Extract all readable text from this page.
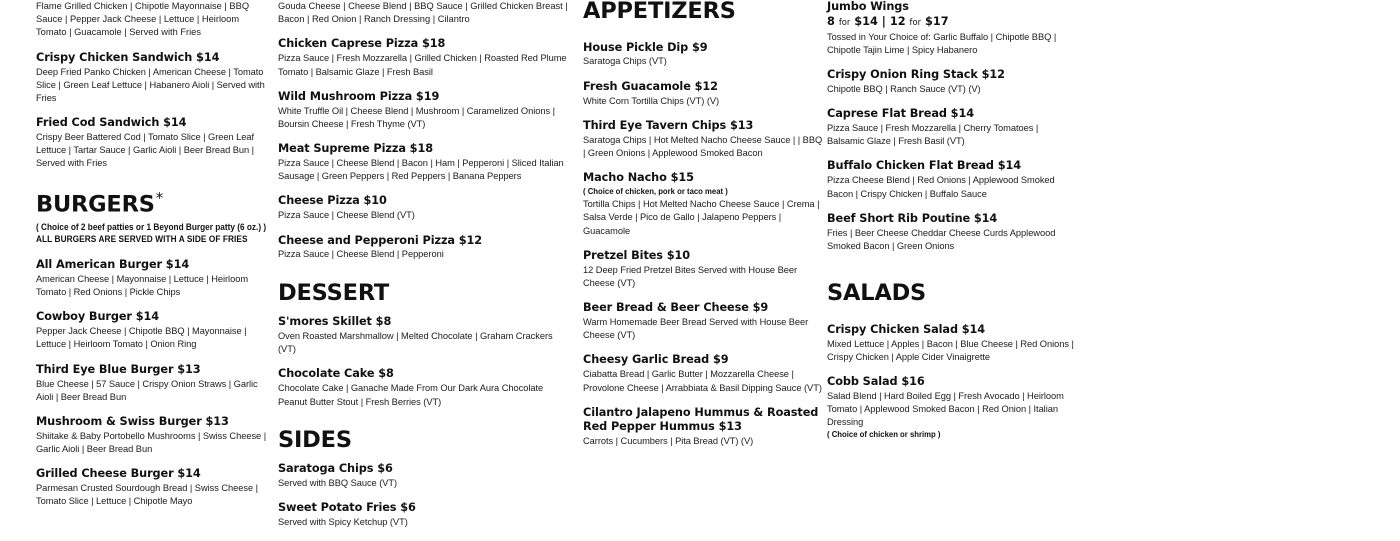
Flame Grilled Chicken | Chipotle Mayonnaise | BBQ Sauce | Pepper Jack Cheese | Lettuce | Heirloom Tomato | Guacamole | Served with Fries

Crispy Chicken Sandwich $14

Deep Fried Panko Chicken | American Cheese | Tomato Slice | Green Leaf Lettuce | Habanero Aioli | Served with Fries

Fried Cod Sandwich $14

Crispy Beer Battered Cod | Tomato Slice | Green Leaf Lettuce | Tartar Sauce | Garlic Aioli | Beer Bread Bun | Served with Fries

BURGERS*

( Choice of 2 beef patties or 1 Beyond Burger patty (6 oz.) )

ALL BURGERS ARE SERVED WITH A SIDE OF FRIES

All American Burger $14

American Cheese | Mayonnaise | Lettuce | Heirloom Tomato | Red Onions | Pickle Chips

Cowboy Burger $14

Pepper Jack Cheese | Chipotle BBQ | Mayonnaise | Lettuce | Heirloom Tomato | Onion Ring

Third Eye Blue Burger $13

Blue Cheese | 57 Sauce | Crispy Onion Straws | Garlic Aioli | Beer Bread Bun

Mushroom & Swiss Burger $13

Shiitake & Baby Portobello Mushrooms | Swiss Cheese | Garlic Aioli | Beer Bread Bun

Grilled Cheese Burger $14

Parmesan Crusted Sourdough Bread | Swiss Cheese | Tomato Slice | Lettuce | Chipotle Mayo

Gouda Cheese | Cheese Blend | BBQ Sauce | Grilled Chicken Breast | Bacon | Red Onion | Ranch Dressing | Cilantro

Chicken Caprese Pizza $18

Pizza Sauce | Fresh Mozzarella | Grilled Chicken | Roasted Red Plume Tomato | Balsamic Glaze | Fresh Basil

Wild Mushroom Pizza $19

White Truffle Oil | Cheese Blend | Mushroom | Caramelized Onions | Boursin Cheese | Fresh Thyme (VT)

Meat Supreme Pizza $18

Pizza Sauce | Cheese Blend | Bacon | Ham | Pepperoni | Sliced Italian Sausage | Green Peppers | Red Peppers | Banana Peppers

Cheese Pizza $10

Pizza Sauce | Cheese Blend (VT)

Cheese and Pepperoni Pizza $12

Pizza Sauce | Cheese Blend | Pepperoni

DESSERT

S'mores Skillet $8

Oven Roasted Marshmallow | Melted Chocolate | Graham Crackers (VT)

Chocolate Cake $8

Chocolate Cake | Ganache Made From Our Dark Aura Chocolate Peanut Butter Stout | Fresh Berries (VT)

SIDES

Saratoga Chips $6

Served with BBQ Sauce (VT)

Sweet Potato Fries $6

Served with Spicy Ketchup (VT)

APPETIZERS

House Pickle Dip $9

Saratoga Chips (VT)

Fresh Guacamole $12

White Corn Tortilla Chips (VT) (V)

Third Eye Tavern Chips $13

Saratoga Chips | Hot Melted Nacho Cheese Sauce | | BBQ | Green Onions | Applewood Smoked Bacon

Macho Nacho $15

( Choice of chicken, pork or taco meat )

Tortilla Chips | Hot Melted Nacho Cheese Sauce | Crema | Salsa Verde | Pico de Gallo | Jalapeno Peppers | Guacamole

Pretzel Bites $10

12 Deep Fried Pretzel Bites Served with House Beer Cheese (VT)

Beer Bread & Beer Cheese $9

Warm Homemade Beer Bread Served with House Beer Cheese (VT)

Cheesy Garlic Bread $9

Ciabatta Bread | Garlic Butter | Mozzarella Cheese | Provolone Cheese | Arrabbiata & Basil Dipping Sauce (VT)

Cilantro Jalapeno Hummus & Roasted Red Pepper Hummus $13

Carrots | Cucumbers | Pita Bread (VT) (V)

Jumbo Wings

8 for $14 | 12 for $17

Tossed in Your Choice of: Garlic Buffalo | Chipotle BBQ | Chipotle Tajin Lime | Spicy Habanero

Crispy Onion Ring Stack $12

Chipotle BBQ | Ranch Sauce (VT) (V)

Caprese Flat Bread $14

Pizza Sauce | Fresh Mozzarella | Cherry Tomatoes | Balsamic Glaze | Fresh Basil (VT)

Buffalo Chicken Flat Bread $14

Pizza Cheese Blend | Red Onions | Applewood Smoked Bacon | Crispy Chicken | Buffalo Sauce

Beef Short Rib Poutine $14

Fries | Beer Cheese Cheddar Cheese Curds Applewood Smoked Bacon | Green Onions

SALADS

Crispy Chicken Salad $14

Mixed Lettuce | Apples | Bacon | Blue Cheese | Red Onions | Crispy Chicken | Apple Cider Vinaigrette

Cobb Salad $16

Salad Blend | Hard Boiled Egg | Fresh Avocado | Heirloom Tomato | Applewood Smoked Bacon | Red Onion | Italian Dressing

( Choice of chicken or shrimp )
